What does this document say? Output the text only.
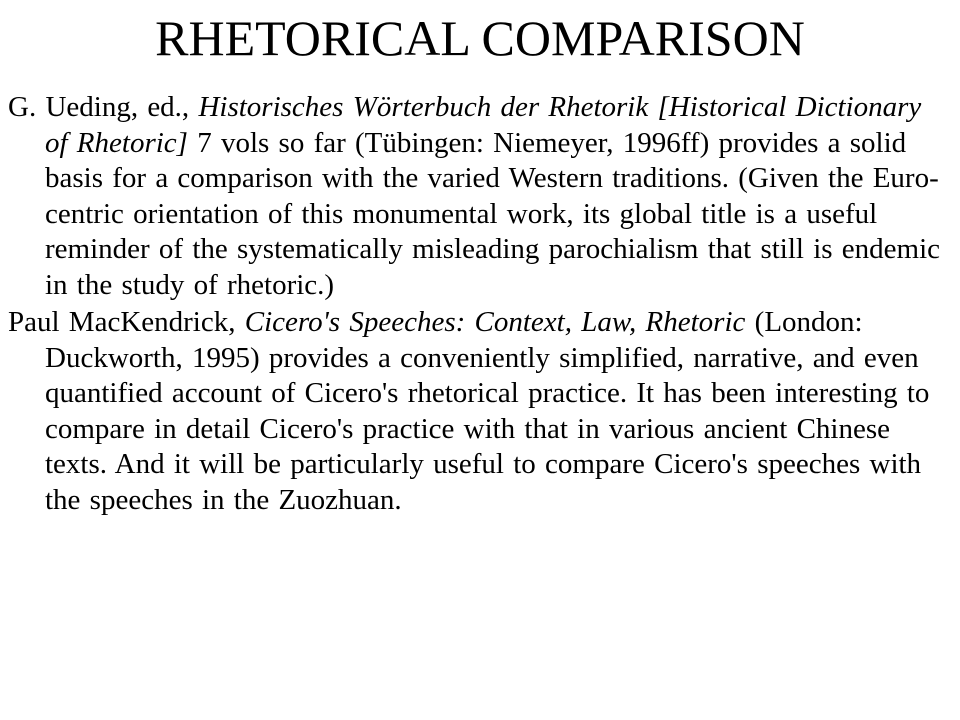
RHETORICAL COMPARISON

G. Ueding, ed., Historisches Wörterbuch der Rhetorik [Historical Dictionary of Rhetoric] 7 vols so far (Tübingen: Niemeyer, 1996ff) provides a solid basis for a comparison with the varied Western traditions. (Given the Euro-centric orientation of this monumental work, its global title is a useful reminder of the systematically misleading parochialism that still is endemic in the study of rhetoric.)

Paul MacKendrick, Cicero's Speeches: Context, Law, Rhetoric (London: Duckworth, 1995) provides a conveniently simplified, narrative, and even quantified account of Cicero's rhetorical practice. It has been interesting to compare in detail Cicero's practice with that in various ancient Chinese texts. And it will be particularly useful to compare Cicero's speeches with the speeches in the Zuozhuan.
